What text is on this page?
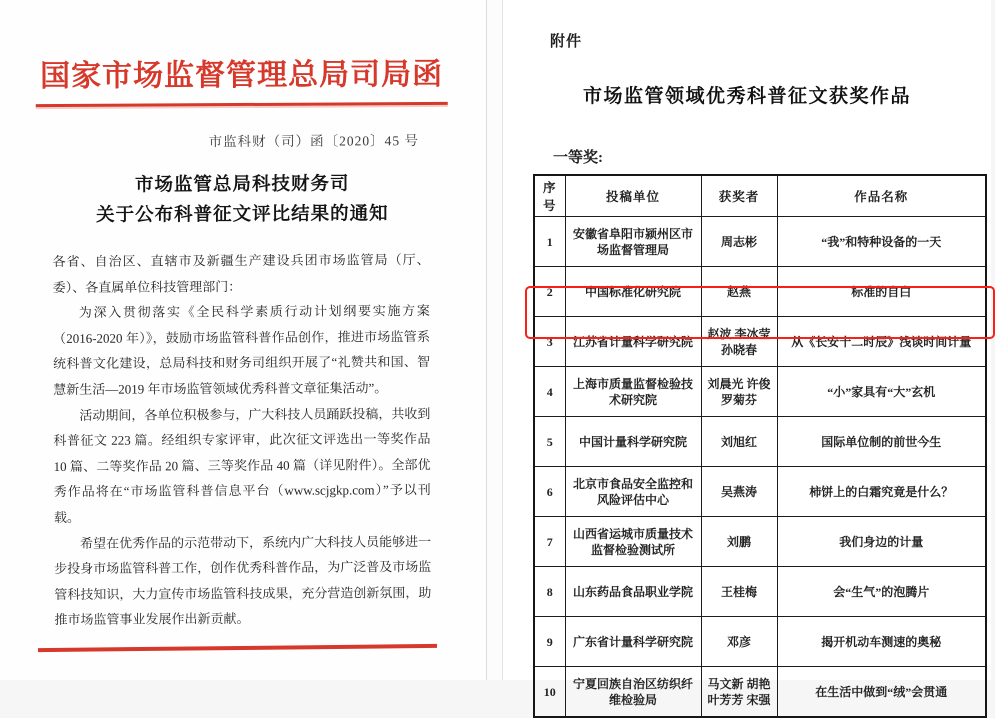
国家市场监督管理总局司局函
市监科财（司）函〔2020〕45 号
市场监管总局科技财务司
关于公布科普征文评比结果的通知

各省、自治区、直辖市及新疆生产建设兵团市场监管局（厅、委）、各直属单位科技管理部门：

为深入贯彻落实《全民科学素质行动计划纲要实施方案（2016-2020 年）》，鼓励市场监管科普作品创作，推进市场监管系统科普文化建设，总局科技和财务司组织开展了“礼赞共和国、智慧新生活—2019 年市场监管领域优秀科普文章征集活动”。

活动期间，各单位积极参与，广大科技人员踊跃投稿，共收到科普征文 223 篇。经组织专家评审，此次征文评选出一等奖作品 10 篇、二等奖作品 20 篇、三等奖作品 40 篇（详见附件）。全部优秀作品将在“市场监管科普信息平台（www.scjgkp.com）”予以刊载。

希望在优秀作品的示范带动下，系统内广大科技人员能够进一步投身市场监管科普工作，创作优秀科普作品，为广泛普及市场监管科技知识，大力宣传市场监管科技成果，充分营造创新氛围，助推市场监管事业发展作出新贡献。

附件
市场监管领域优秀科普征文获奖作品
一等奖:
序号	投稿单位	获奖者	作品名称
1	安徽省阜阳市颍州区市场监督管理局	周志彬	“我”和特种设备的一天
2	中国标准化研究院	赵燕	标准的自白
3	江苏省计量科学研究院	赵波 李冰莹 孙晓春	从《长安十二时辰》浅谈时间计量
4	上海市质量监督检验技术研究院	刘晨光 许俊 罗菊芬	“小”家具有“大”玄机
5	中国计量科学研究院	刘旭红	国际单位制的前世今生
6	北京市食品安全监控和风险评估中心	吴燕涛	柿饼上的白霜究竟是什么？
7	山西省运城市质量技术监督检验测试所	刘鹏	我们身边的计量
8	山东药品食品职业学院	王桂梅	会“生气”的泡腾片
9	广东省计量科学研究院	邓彦	揭开机动车测速的奥秘
10	宁夏回族自治区纺织纤维检验局	马文新 胡艳 叶芳芳 宋强	在生活中做到“绒”会贯通
